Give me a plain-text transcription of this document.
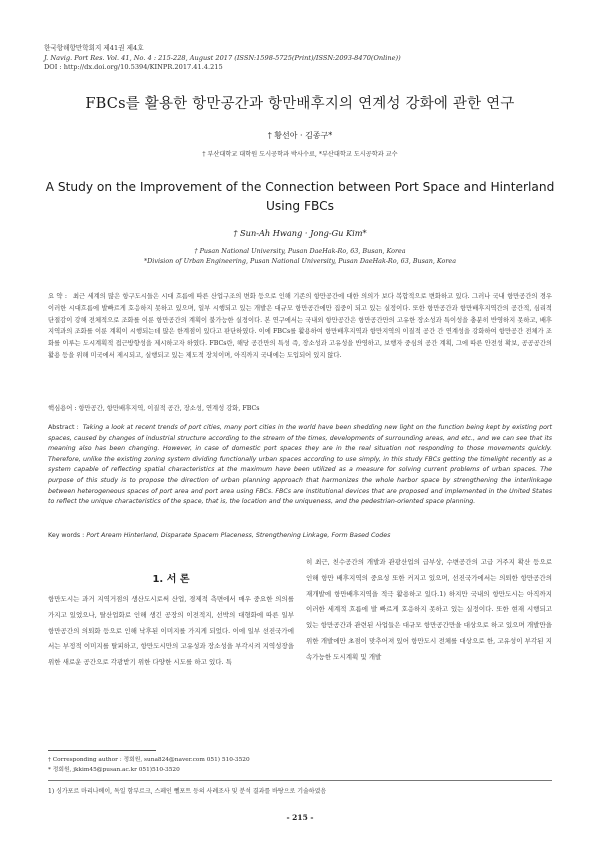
한국항해항만학회지 제41권 제4호
J. Navig. Port Res. Vol. 41, No. 4 : 215-228, August 2017 (ISSN:1598-5725(Print)/ISSN:2093-8470(Online))
DOI : http://dx.doi.org/10.5394/KINPR.2017.41.4.215
FBCs를 활용한 항만공간과 항만배후지의 연계성 강화에 관한 연구
† 황선아 · 김종구*
† 부산대학교 대학원 도시공학과 박사수료, *부산대학교 도시공학과 교수
A Study on the Improvement of the Connection between Port Space and Hinterland Using FBCs
† Sun-Ah Hwang · Jong-Gu Kim*
† Pusan National University, Pusan DaeHak-Ro, 63, Busan, Korea
*Division of Urban Engineering, Pusan National University, Pusan DaeHak-Ro, 63, Busan, Korea
요 약 : 최근 세계의 많은 항구도시들은 시대 흐름에 따른 산업구조의 변화 등으로 인해 기존의 항만공간에 대한 의의가 보다 복합적으로 변화하고 있다. 그러나 국내 항만공간의 경우 이러한 시대흐름에 발빠르게 호응하지 못하고 있으며, 일부 시행되고 있는 개발은 대규모 항만공간에만 집중이 되고 있는 실정이다. 또한 항만공간과 항만배후지역간의 공간적, 심리적 단절감이 강해 전체적으로 조화를 이룬 항만공간의 계획이 불가능한 실정이다. 본 연구에서는 국내외 항만공간은 항만공간만의 고유한 장소성과 특이성을 충분히 반영하지 못하고, 배후지역과의 조화를 이룬 계획이 시행되는데 많은 한계점이 있다고 판단하였다. 이에 FBCs를 활용하여 항만배후지역과 항만지역의 이질적 공간 간 연계성을 강화하여 항만공간 전체가 조화를 이루는 도시계획적 접근방향성을 제시하고자 하였다. FBCs란, 해당 공간만의 특성 즉, 장소성과 고유성을 반영하고, 보행자 중심의 공간 계획, 그에 따른 안전성 확보, 공공공간의 활용 등을 위해 미국에서 제시되고, 실행되고 있는 제도적 장치이며, 아직까지 국내에는 도입되어 있지 않다.
핵심용어 : 항만공간, 항만배후지역, 이질적 공간, 장소성, 연계성 강화, FBCs
Abstract : Taking a look at recent trends of port cities, many port cities in the world have been shedding new light on the function being kept by existing port spaces, caused by changes of industrial structure according to the stream of the times, developments of surrounding areas, and etc., and we can see that its meaning also has been changing. However, in case of domestic port spaces they are in the real situation not responding to those movements quickly. Therefore, unlike the existing zoning system dividing functionally urban spaces according to use simply, in this study FBCs getting the timelight recently as a system capable of reflecting spatial characteristics at the maximum have been utilized as a measure for solving current problems of urban spaces. The purpose of this study is to propose the direction of urban planning approach that harmonizes the whole harbor space by strengthening the interlinkage between heterogeneous spaces of port area and port area using FBCs. FBCs are institutional devices that are proposed and implemented in the United States to reflect the unique characteristics of the space, that is, the location and the uniqueness, and the pedestrian-oriented space planning.
Key words : Port Aream Hinterland, Disparate Spacem Placeness, Strengthening Linkage, Form Based Codes
1. 서 론
항만도시는 과거 지역거점의 생산도시로써 산업, 경제적 측면에서 매우 중요한 의의를 가지고 있었으나, 탈산업화로 인해 생긴 공장의 이전적지, 선박의 대형화에 따른 일부 항만공간의 의퇴화 등으로 인해 낙후된 이미지를 가지게 되었다. 이에 일부 선진국가에서는 부정적 이미지를 탈피하고, 항만도시만의 고유성과 장소성을 부각시켜 지역성장을 위한 새로운 공간으로 각광받기 위한 다양한 시도를 하고 있다. 특
히 최근, 친수공간의 개발과 관광산업의 급부상, 수변공간의 고급 거주지 확산 등으로 인해 항만 배후지역의 중요성 또한 커지고 있으며, 선진국가에서는 의퇴한 항만공간의 재개발에 항만배후지역을 적극 활용하고 있다.1) 하지만 국내의 항만도시는 아직까지 이러한 세계적 흐름에 발 빠르게 호응하지 못하고 있는 실정이다. 또한 현재 시행되고 있는 항만공간과 관련된 사업들은 대규모 항만공간만을 대상으로 하고 있으며 개발만을 위한 개발에만 초점이 맞추어져 있어 항만도시 전체를 대상으로 한, 고유성이 부각된 지속가능한 도시계획 및 개발
† Corresponding author : 정회원, suna824@naver.com 051) 510-3520
* 정회원, jkkim45@pusan.ac.kr 051)510-3520
1) 싱가포르 마리나베이, 독일 함부르크, 스페인 뻴포트 등의 사례조사 및 분석 결과를 바탕으로 기술하였음
- 215 -
